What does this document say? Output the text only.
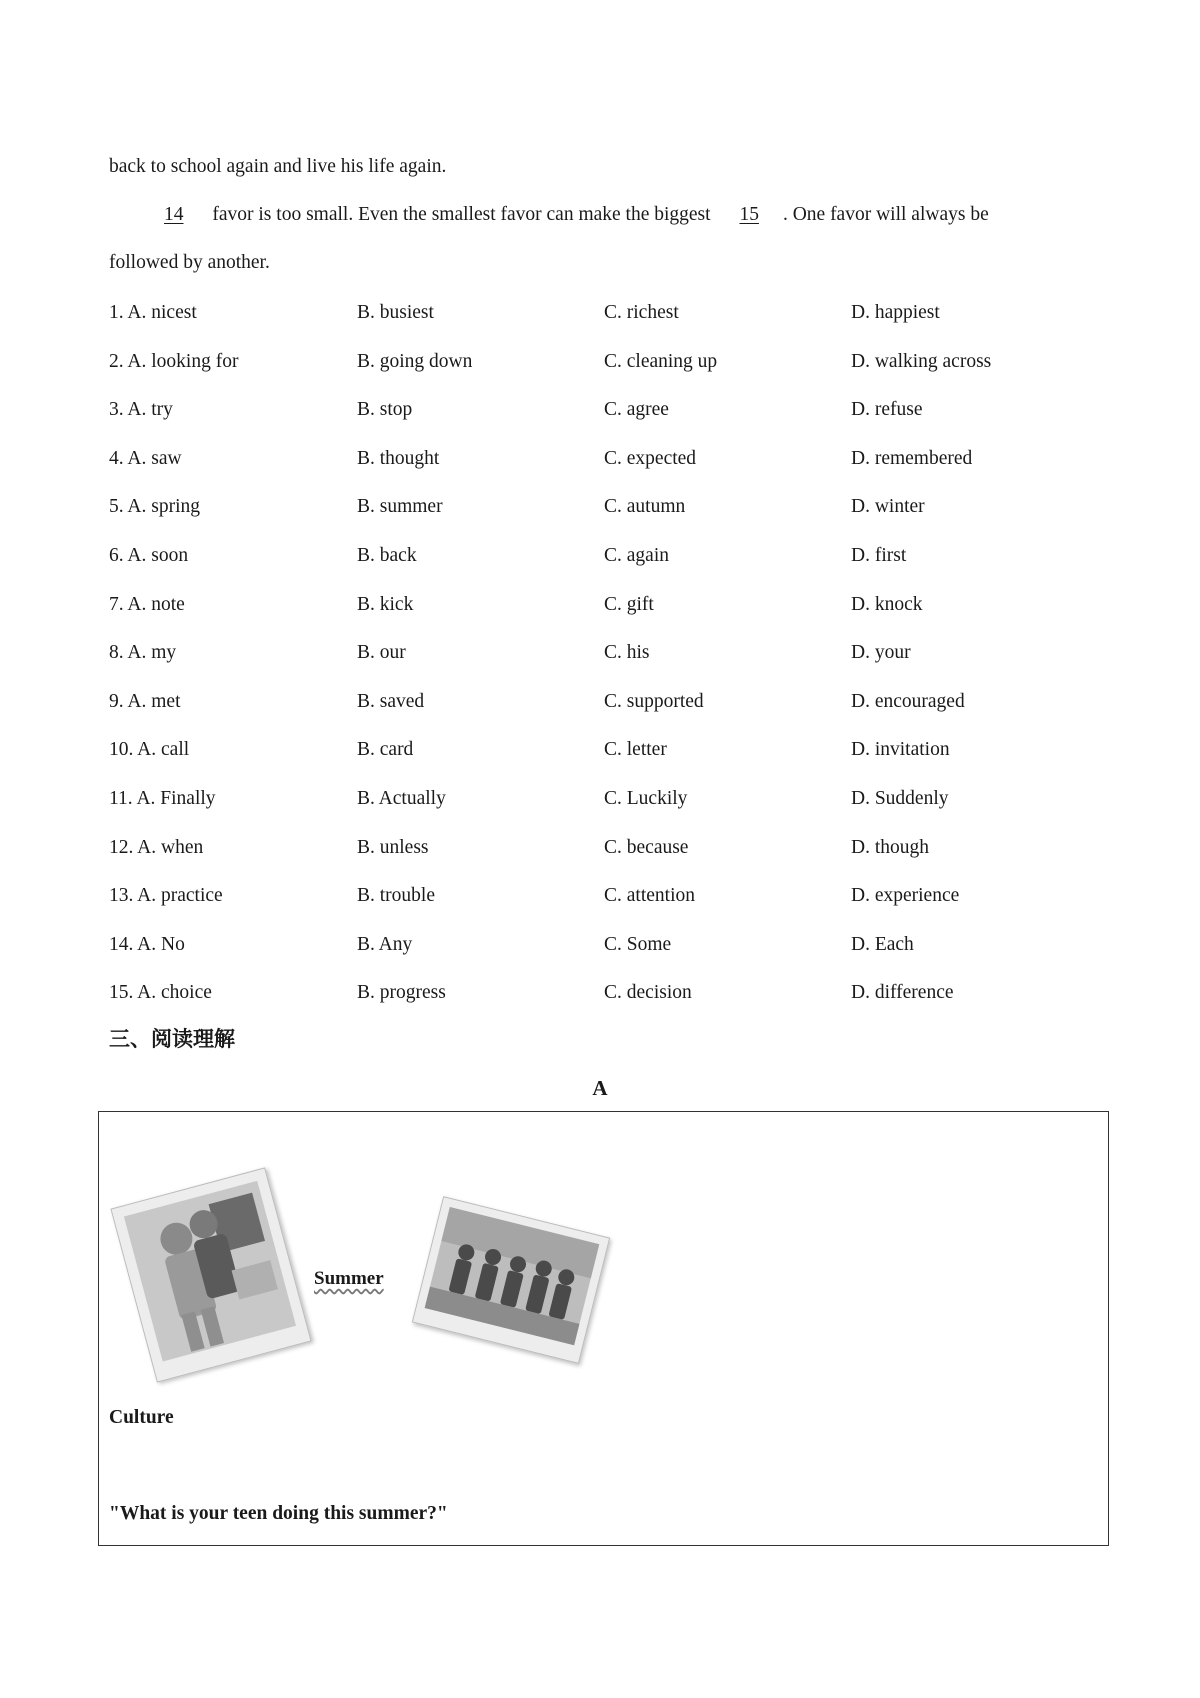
back to school again and live his life again.
14 favor is too small. Even the smallest favor can make the biggest 15 . One favor will always be
followed by another.
1. A. nicest	B. busiest	C. richest	D. happiest
2. A. looking for	B. going down	C. cleaning up	D. walking across
3. A. try	B. stop	C. agree	D. refuse
4. A. saw	B. thought	C. expected	D. remembered
5. A. spring	B. summer	C. autumn	D. winter
6. A. soon	B. back	C. again	D. first
7. A. note	B. kick	C. gift	D. knock
8. A. my	B. our	C. his	D. your
9. A. met	B. saved	C. supported	D. encouraged
10. A. call	B. card	C. letter	D. invitation
11. A. Finally	B. Actually	C. Luckily	D. Suddenly
12. A. when	B. unless	C. because	D. though
13. A. practice	B. trouble	C. attention	D. experience
14. A. No	B. Any	C. Some	D. Each
15. A. choice	B. progress	C. decision	D. difference
三、阅读理解
A
Summer
Culture
"What is your teen doing this summer?"
